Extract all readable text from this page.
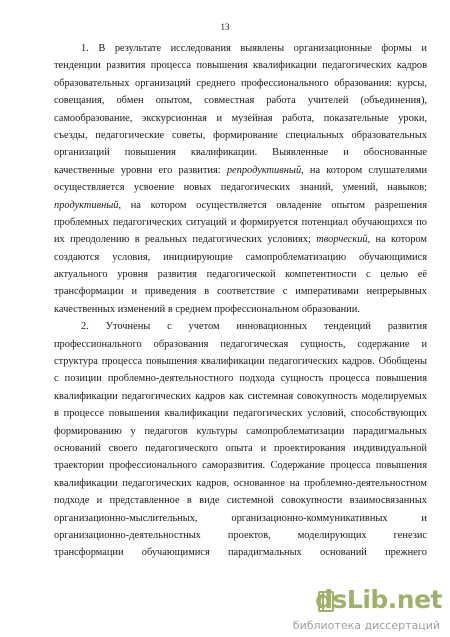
13
1. В результате исследования выявлены организационные формы и
тенденции развития процесса повышения квалификации педагогических кадров
образовательных организаций среднего профессионального образования: курсы,
совещания, обмен опытом, совместная работа учителей (объединения),
самообразование, экскурсионная и музейная работа, показательные уроки,
съезды, педагогические советы, формирование специальных образовательных
организаций повышения квалификации. Выявленные и обоснованные
качественные уровни его развития: репродуктивный, на котором слушателями
осуществляется усвоение новых педагогических знаний, умений, навыков;
продуктивный, на котором осуществляется овладение опытом разрешения
проблемных педагогических ситуаций и формируется потенциал обучающихся по
их преодолению в реальных педагогических условиях; творческий, на котором
создаются условия, инициирующие самопроблематизацию обучающимися
актуального уровня развития педагогической компетентности с целью её
трансформации и приведения в соответствие с императивами непрерывных
качественных изменений в среднем профессиональном образовании.
2. Уточнены с учетом инновационных тенденций развития
профессионального образования педагогическая сущность, содержание и
структура процесса повышения квалификации педагогических кадров. Обобщены
с позиции проблемно-деятельностного подхода сущность процесса повышения
квалификации педагогических кадров как системная совокупность моделируемых
в процессе повышения квалификации педагогических условий, способствующих
формированию у педагогов культуры самопроблематизации парадигмальных
оснований своего педагогического опыта и проектирования индивидуальной
траектории профессионального саморазвития. Содержание процесса повышения
квалификации педагогических кадров, основанное на проблемно-деятельностном
подходе и представленное в виде системной совокупности взаимосвязанных
организационно-мыслительных, организационно-коммуникативных и
организационно-деятельностных проектов, моделирующих генезис
трансформации обучающимися парадигмальных оснований прежнего
dsLib.net
библиотека диссертаций
